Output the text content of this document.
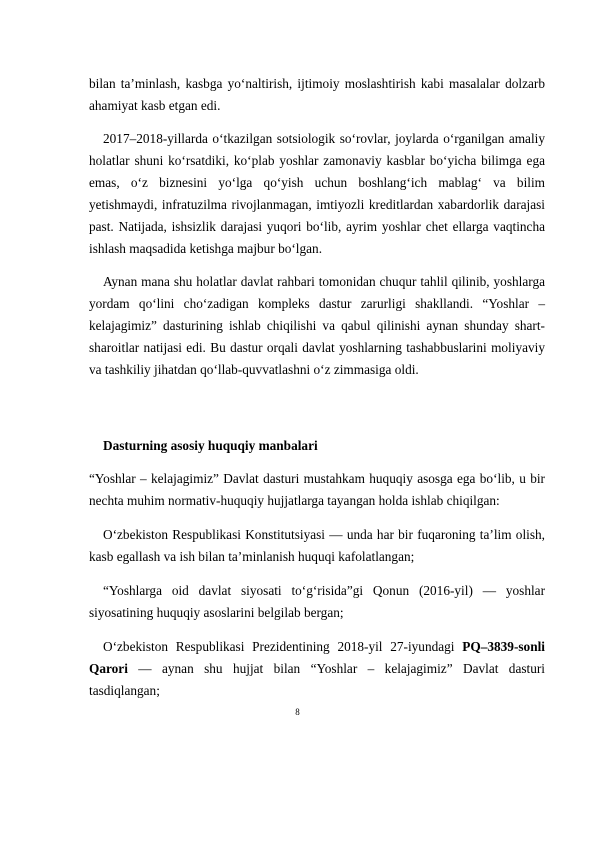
bilan ta’minlash, kasbga yo‘naltirish, ijtimoiy moslashtirish kabi masalalar dolzarb ahamiyat kasb etgan edi.

2017–2018-yillarda o‘tkazilgan sotsiologik so‘rovlar, joylarda o‘rganilgan amaliy holatlar shuni ko‘rsatdiki, ko‘plab yoshlar zamonaviy kasblar bo‘yicha bilimga ega emas, o‘z biznesini yo‘lga qo‘yish uchun boshlang‘ich mablag‘ va bilim yetishmaydi, infratuzilma rivojlanmagan, imtiyozli kreditlardan xabardorlik darajasi past. Natijada, ishsizlik darajasi yuqori bo‘lib, ayrim yoshlar chet ellarga vaqtincha ishlash maqsadida ketishga majbur bo‘lgan.

Aynan mana shu holatlar davlat rahbari tomonidan chuqur tahlil qilinib, yoshlarga yordam qo‘lini cho‘zadigan kompleks dastur zarurligi shakllandi. “Yoshlar – kelajagimiz” dasturining ishlab chiqilishi va qabul qilinishi aynan shunday shart-sharoitlar natijasi edi. Bu dastur orqali davlat yoshlarning tashabbuslarini moliyaviy va tashkiliy jihatdan qo‘llab-quvvatlashni o‘z zimmasiga oldi.

Dasturning asosiy huquqiy manbalari

“Yoshlar – kelajagimiz” Davlat dasturi mustahkam huquqiy asosga ega bo‘lib, u bir nechta muhim normativ-huquqiy hujjatlarga tayangan holda ishlab chiqilgan:

O‘zbekiston Respublikasi Konstitutsiyasi — unda har bir fuqaroning ta’lim olish, kasb egallash va ish bilan ta’minlanish huquqi kafolatlangan;

“Yoshlarga oid davlat siyosati to‘g‘risida”gi Qonun (2016-yil) — yoshlar siyosatining huquqiy asoslarini belgilab bergan;

O‘zbekiston Respublikasi Prezidentining 2018-yil 27-iyundagi PQ–3839-sonli Qarori — aynan shu hujjat bilan “Yoshlar – kelajagimiz” Davlat dasturi tasdiqlangan;

8
